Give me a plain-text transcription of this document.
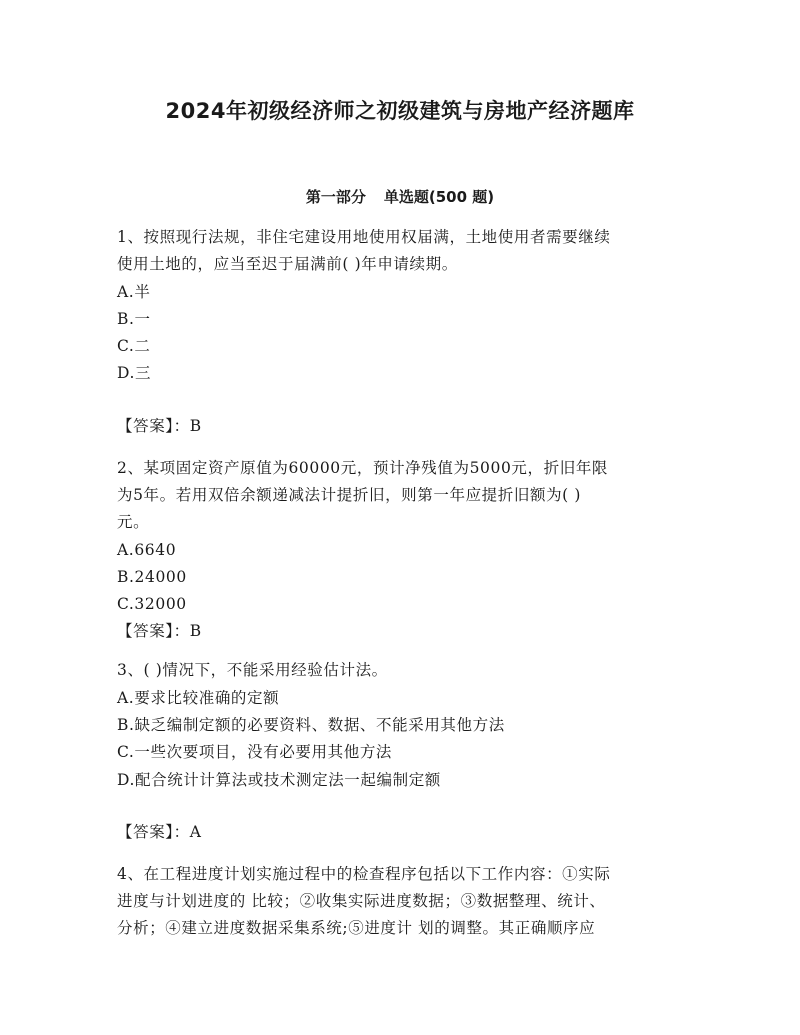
2024年初级经济师之初级建筑与房地产经济题库
第一部分 单选题(500 题)
1、按照现行法规，非住宅建设用地使用权届满，土地使用者需要继续
使用土地的，应当至迟于届满前( )年申请续期。
A.半
B.一
C.二
D.三
【答案】：B
2、某项固定资产原值为60000元，预计净残值为5000元，折旧年限
为5年。若用双倍余额递减法计提折旧，则第一年应提折旧额为( )
元。
A.6640
B.24000
C.32000
【答案】：B
3、( )情况下，不能采用经验估计法。
A.要求比较准确的定额
B.缺乏编制定额的必要资料、数据、不能采用其他方法
C.一些次要项目，没有必要用其他方法
D.配合统计计算法或技术测定法一起编制定额
【答案】：A
4、在工程进度计划实施过程中的检查程序包括以下工作内容：①实际
进度与计划进度的 比较；②收集实际进度数据；③数据整理、统计、
分析；④建立进度数据采集系统;⑤进度计 划的调整。其正确顺序应
